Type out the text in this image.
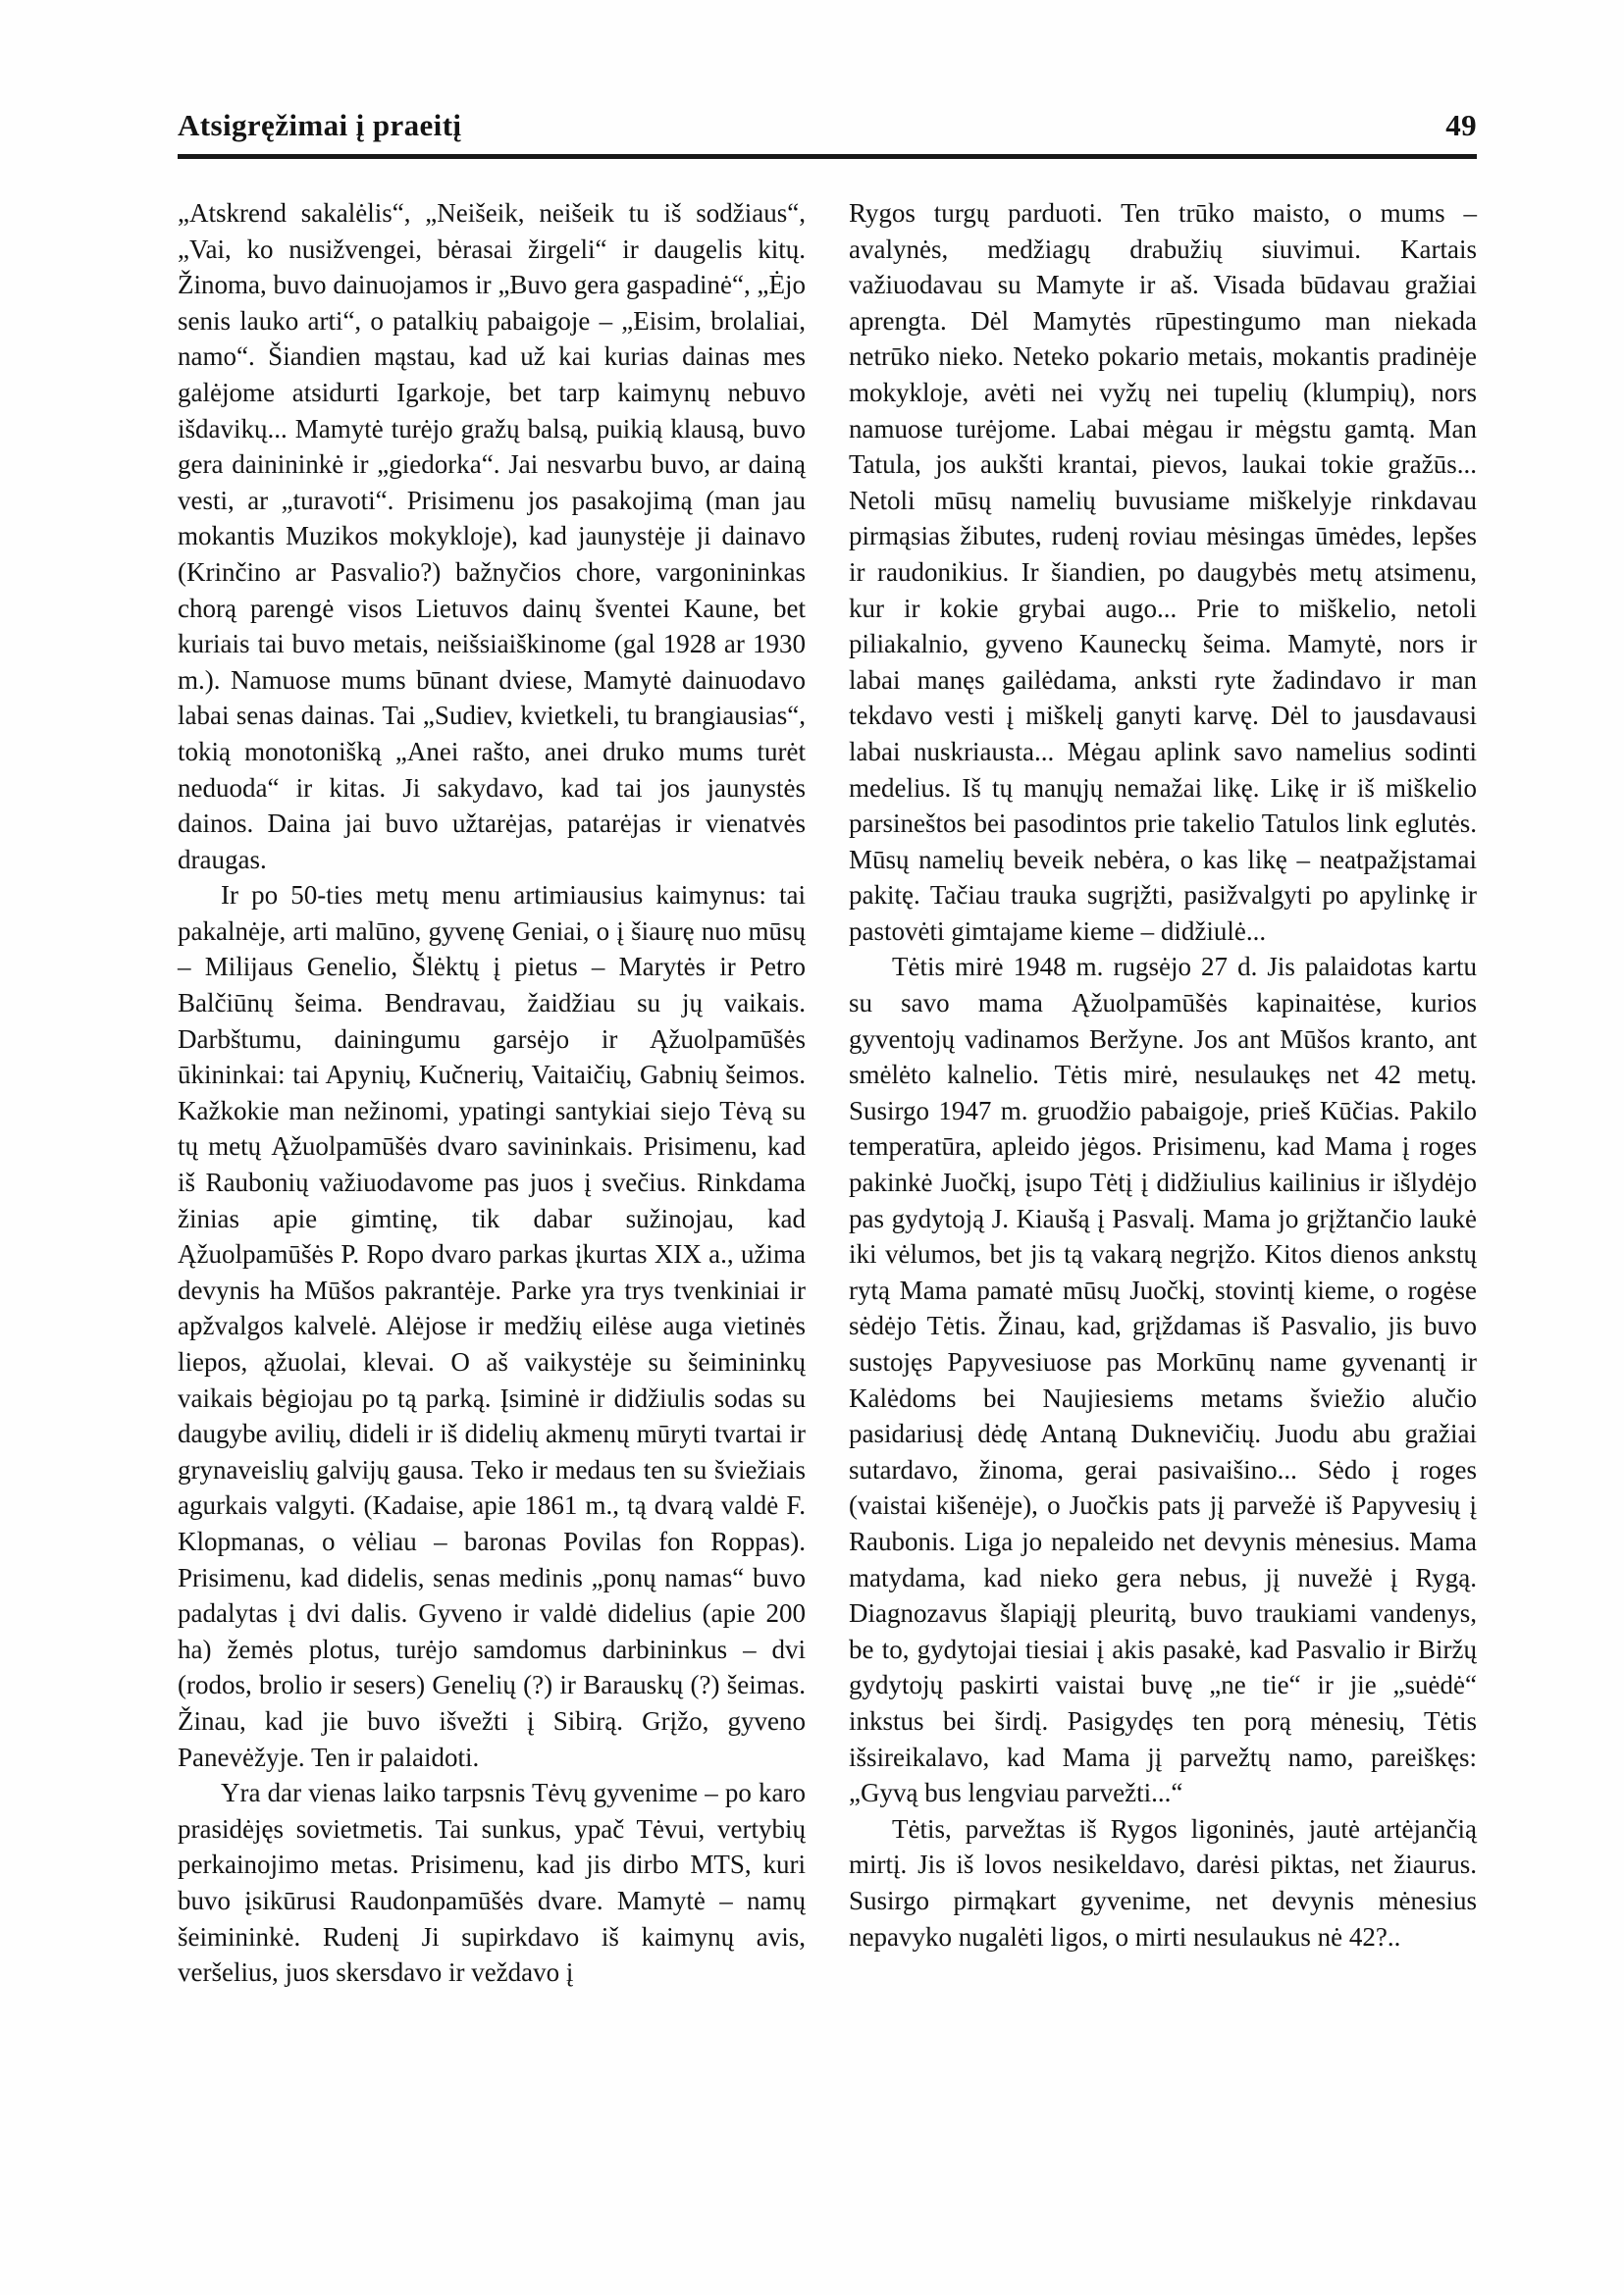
Atsigręžimai į praeitį	49

„Atskrend sakalėlis“, „Neišeik, neišeik tu iš sodžiaus“, „Vai, ko nusižvengei, bėrasai žirgeli“ ir daugelis kitų. Žinoma, buvo dainuojamos ir „Buvo gera gaspadinė“, „Ėjo senis lauko arti“, o patalkių pabaigoje – „Eisim, brolaliai, namo“. Šiandien mąstau, kad už kai kurias dainas mes galėjome atsidurti Igarkoje, bet tarp kaimynų nebuvo išdavikų... Mamytė turėjo gražų balsą, puikią klausą, buvo gera dainininkė ir „giedorka“. Jai nesvarbu buvo, ar dainą vesti, ar „turavoti“. Prisimenu jos pasakojimą (man jau mokantis Muzikos mokykloje), kad jaunystėje ji dainavo (Krinčino ar Pasvalio?) bažnyčios chore, vargonininkas chorą parengė visos Lietuvos dainų šventei Kaune, bet kuriais tai buvo metais, neišsiaiškinome (gal 1928 ar 1930 m.). Namuose mums būnant dviese, Mamytė dainuodavo labai senas dainas. Tai „Sudiev, kvietkeli, tu brangiausias“, tokią monotonišką „Anei rašto, anei druko mums turėt neduoda“ ir kitas. Ji sakydavo, kad tai jos jaunystės dainos. Daina jai buvo užtarėjas, patarėjas ir vienatvės draugas.

Ir po 50-ties metų menu artimiausius kaimynus: tai pakalnėje, arti malūno, gyvenę Geniai, o į šiaurę nuo mūsų – Milijaus Genelio, Šlėktų į pietus – Marytės ir Petro Balčiūnų šeima. Bendravau, žaidžiau su jų vaikais. Darbštumu, dainingumu garsėjo ir Ąžuolpamūšės ūkininkai: tai Apynių, Kučnerių, Vaitaičių, Gabnių šeimos. Kažkokie man nežinomi, ypatingi santykiai siejo Tėvą su tų metų Ąžuolpamūšės dvaro savininkais. Prisimenu, kad iš Raubonių važiuodavome pas juos į svečius. Rinkdama žinias apie gimtinę, tik dabar sužinojau, kad Ąžuolpamūšės P. Ropo dvaro parkas įkurtas XIX a., užima devynis ha Mūšos pakrantėje. Parke yra trys tvenkiniai ir apžvalgos kalvelė. Alėjose ir medžių eilėse auga vietinės liepos, ąžuolai, klevai. O aš vaikystėje su šeimininkų vaikais bėgiojau po tą parką. Įsiminė ir didžiulis sodas su daugybe avilių, dideli ir iš didelių akmenų mūryti tvartai ir grynaveislių galvijų gausa. Teko ir medaus ten su šviežiais agurkais valgyti. (Kadaise, apie 1861 m., tą dvarą valdė F. Klopmanas, o vėliau – baronas Povilas fon Roppas). Prisimenu, kad didelis, senas medinis „ponų namas“ buvo padalytas į dvi dalis. Gyveno ir valdė didelius (apie 200 ha) žemės plotus, turėjo samdomus darbininkus – dvi (rodos, brolio ir sesers) Genelių (?) ir Barauskų (?) šeimas. Žinau, kad jie buvo išvežti į Sibirą. Grįžo, gyveno Panevėžyje. Ten ir palaidoti.

Yra dar vienas laiko tarpsnis Tėvų gyvenime – po karo prasidėjęs sovietmetis. Tai sunkus, ypač Tėvui, vertybių perkainojimo metas. Prisimenu, kad jis dirbo MTS, kuri buvo įsikūrusi Raudonpamūšės dvare. Mamytė – namų šeimininkė. Rudenį Ji supirkdavo iš kaimynų avis, veršelius, juos skersdavo ir veždavo į

Rygos turgų parduoti. Ten trūko maisto, o mums – avalynės, medžiagų drabužių siuvimui. Kartais važiuodavau su Mamyte ir aš. Visada būdavau gražiai aprengta. Dėl Mamytės rūpestingumo man niekada netrūko nieko. Neteko pokario metais, mokantis pradinėje mokykloje, avėti nei vyžų nei tupelių (klumpių), nors namuose turėjome. Labai mėgau ir mėgstu gamtą. Man Tatula, jos aukšti krantai, pievos, laukai tokie gražūs... Netoli mūsų namelių buvusiame miškelyje rinkdavau pirmąsias žibutes, rudenį roviau mėsingas ūmėdes, lepšes ir raudonikius. Ir šiandien, po daugybės metų atsimenu, kur ir kokie grybai augo... Prie to miškelio, netoli piliakalnio, gyveno Kauneckų šeima. Mamytė, nors ir labai manęs gailėdama, anksti ryte žadindavo ir man tekdavo vesti į miškelį ganyti karvę. Dėl to jausdavausi labai nuskriausta... Mėgau aplink savo namelius sodinti medelius. Iš tų manųjų nemažai likę. Likę ir iš miškelio parsineštos bei pasodintos prie takelio Tatulos link eglutės. Mūsų namelių beveik nebėra, o kas likę – neatpažįstamai pakitę. Tačiau trauka sugrįžti, pasižvalgyti po apylinkę ir pastovėti gimtajame kieme – didžiulė...

Tėtis mirė 1948 m. rugsėjo 27 d. Jis palaidotas kartu su savo mama Ąžuolpamūšės kapinaitėse, kurios gyventojų vadinamos Beržyne. Jos ant Mūšos kranto, ant smėlėto kalnelio. Tėtis mirė, nesulaukęs net 42 metų. Susirgo 1947 m. gruodžio pabaigoje, prieš Kūčias. Pakilo temperatūra, apleido jėgos. Prisimenu, kad Mama į roges pakinkė Juočkį, įsupo Tėtį į didžiulius kailinius ir išlydėjo pas gydytoją J. Kiaušą į Pasvalį. Mama jo grįžtančio laukė iki vėlumos, bet jis tą vakarą negrįžo. Kitos dienos ankstų rytą Mama pamatė mūsų Juočkį, stovintį kieme, o rogėse sėdėjo Tėtis. Žinau, kad, grįždamas iš Pasvalio, jis buvo sustojęs Papyvesiuose pas Morkūnų name gyvenantį ir Kalėdoms bei Naujiesiems metams šviežio alučio pasidariusį dėdę Antaną Duknevičių. Juodu abu gražiai sutardavo, žinoma, gerai pasivaišino... Sėdo į roges (vaistai kišenėje), o Juočkis pats jį parvežė iš Papyvesių į Raubonis. Liga jo nepaleido net devynis mėnesius. Mama matydama, kad nieko gera nebus, jį nuvežė į Rygą. Diagnozavus šlapiąjį pleuritą, buvo traukiami vandenys, be to, gydytojai tiesiai į akis pasakė, kad Pasvalio ir Biržų gydytojų paskirti vaistai buvę „ne tie“ ir jie „suėdė“ inkstus bei širdį. Pasigydęs ten porą mėnesių, Tėtis išsireikalavo, kad Mama jį parvežtų namo, pareiškęs: „Gyvą bus lengviau parvežti...“

Tėtis, parvežtas iš Rygos ligoninės, jautė artėjančią mirtį. Jis iš lovos nesikeldavo, darėsi piktas, net žiaurus. Susirgo pirmąkart gyvenime, net devynis mėnesius nepavyko nugalėti ligos, o mirti nesulaukus nė 42?..
